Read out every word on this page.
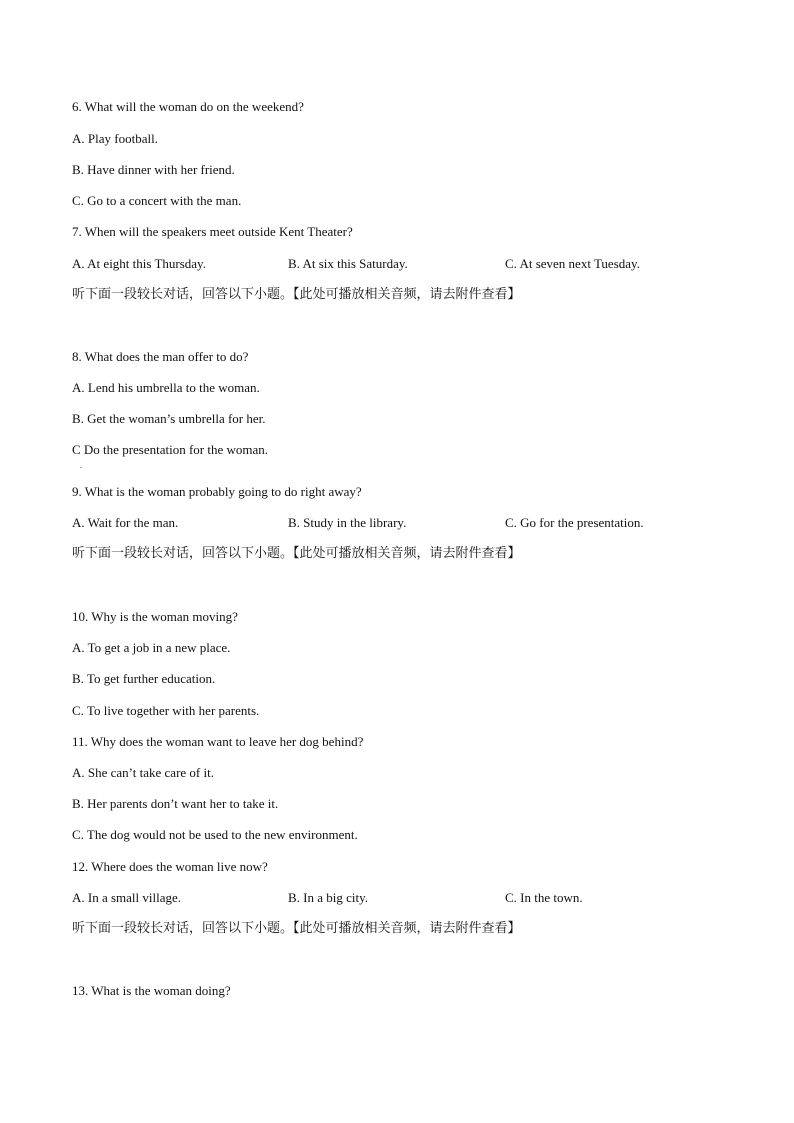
6. What will the woman do on the weekend?
A. Play football.
B. Have dinner with her friend.
C. Go to a concert with the man.
7. When will the speakers meet outside Kent Theater?
A. At eight this Thursday.	B. At six this Saturday.	C. At seven next Tuesday.
听下面一段较长对话，回答以下小题。【此处可播放相关音频，请去附件查看】
8. What does the man offer to do?
A. Lend his umbrella to the woman.
B. Get the woman’s umbrella for her.
C Do the presentation for the woman.
.
9. What is the woman probably going to do right away?
A. Wait for the man.	B. Study in the library.	C. Go for the presentation.
听下面一段较长对话，回答以下小题。【此处可播放相关音频，请去附件查看】
10. Why is the woman moving?
A. To get a job in a new place.
B. To get further education.
C. To live together with her parents.
11. Why does the woman want to leave her dog behind?
A. She can’t take care of it.
B. Her parents don’t want her to take it.
C. The dog would not be used to the new environment.
12. Where does the woman live now?
A. In a small village.	B. In a big city.	C. In the town.
听下面一段较长对话，回答以下小题。【此处可播放相关音频，请去附件查看】
13. What is the woman doing?
